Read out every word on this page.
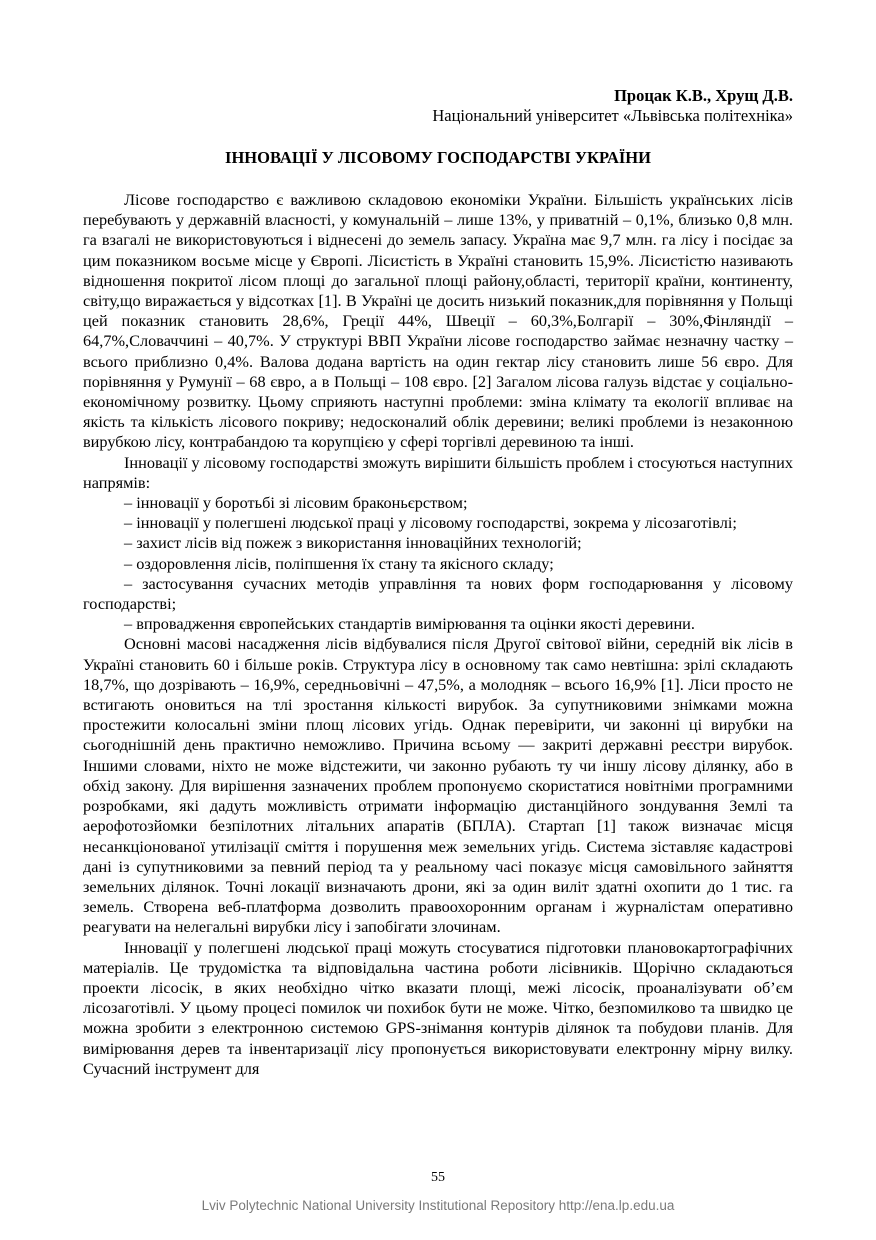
Процак К.В., Хрущ Д.В.
Національний університет «Львівська політехніка»
ІННОВАЦІЇ У ЛІСОВОМУ ГОСПОДАРСТВІ УКРАЇНИ

Лісове господарство є важливою складовою економіки України. Більшість українських лісів перебувають у державній власності, у комунальній – лише 13%, у приватній – 0,1%, близько 0,8 млн. га взагалі не використовуються і віднесені до земель запасу. Україна має 9,7 млн. га лісу і посідає за цим показником восьме місце у Європі. Лісистість в Україні становить 15,9%. Лісистістю називають відношення покритої лісом площі до загальної площі району,області, території країни, континенту, світу,що виражається у відсотках [1]. В Україні це досить низький показник,для порівняння у Польщі цей показник становить 28,6%, Греції 44%, Швеції – 60,3%,Болгарії – 30%,Фінляндії – 64,7%,Словаччині – 40,7%. У структурі ВВП України лісове господарство займає незначну частку – всього приблизно 0,4%. Валова додана вартість на один гектар лісу становить лише 56 євро. Для порівняння у Румунії – 68 євро, а в Польщі – 108 євро. [2] Загалом лісова галузь відстає у соціально-економічному розвитку. Цьому сприяють наступні проблеми: зміна клімату та екології впливає на якість та кількість лісового покриву; недосконалий облік деревини; великі проблеми із незаконною вирубкою лісу, контрабандою та корупцією у сфері торгівлі деревиною та інші.

Інновації у лісовому господарстві зможуть вирішити більшість проблем і стосуються наступних напрямів:

– інновації у боротьбі зі лісовим браконьєрством;

– інновації у полегшені людської праці у лісовому господарстві, зокрема у лісозаготівлі;

– захист лісів від пожеж з використання інноваційних технологій;

– оздоровлення лісів, поліпшення їх стану та якісного складу;

– застосування сучасних методів управління та нових форм господарювання у лісовому господарстві;

– впровадження європейських стандартів вимірювання та оцінки якості деревини.

Основні масові насадження лісів відбувалися після Другої світової війни, середній вік лісів в Україні становить 60 і більше років. Структура лісу в основному так само невтішна: зрілі складають 18,7%, що дозрівають – 16,9%, середньовічні – 47,5%, а молодняк – всього 16,9% [1]. Ліси просто не встигають оновиться на тлі зростання кількості вирубок. За супутниковими знімками можна простежити колосальні зміни площ лісових угідь. Однак перевірити, чи законні ці вирубки на сьогоднішній день практично неможливо. Причина всьому — закриті державні реєстри вирубок. Іншими словами, ніхто не може відстежити, чи законно рубають ту чи іншу лісову ділянку, або в обхід закону. Для вирішення зазначених проблем пропонуємо скористатися новітніми програмними розробками, які дадуть можливість отримати інформацію дистанційного зондування Землі та аерофотозйомки безпілотних літальних апаратів (БПЛА). Стартап [1] також визначає місця несанкціонованої утилізації сміття і порушення меж земельних угідь. Система зіставляє кадастрові дані із супутниковими за певний період та у реальному часі показує місця самовільного зайняття земельних ділянок. Точні локації визначають дрони, які за один виліт здатні охопити до 1 тис. га земель. Створена веб-платформа дозволить правоохоронним органам і журналістам оперативно реагувати на нелегальні вирубки лісу і запобігати злочинам.

Інновації у полегшені людської праці можуть стосуватися підготовки плановокартографічних матеріалів. Це трудомістка та відповідальна частина роботи лісівників. Щорічно складаються проекти лісосік, в яких необхідно чітко вказати площі, межі лісосік, проаналізувати об’єм лісозаготівлі. У цьому процесі помилок чи похибок бути не може. Чітко, безпомилково та швидко це можна зробити з електронною системою GPS-знімання контурів ділянок та побудови планів. Для вимірювання дерев та інвентаризації лісу пропонується використовувати електронну мірну вилку. Сучасний інструмент для

55
Lviv Polytechnic National University Institutional Repository http://ena.lp.edu.ua
